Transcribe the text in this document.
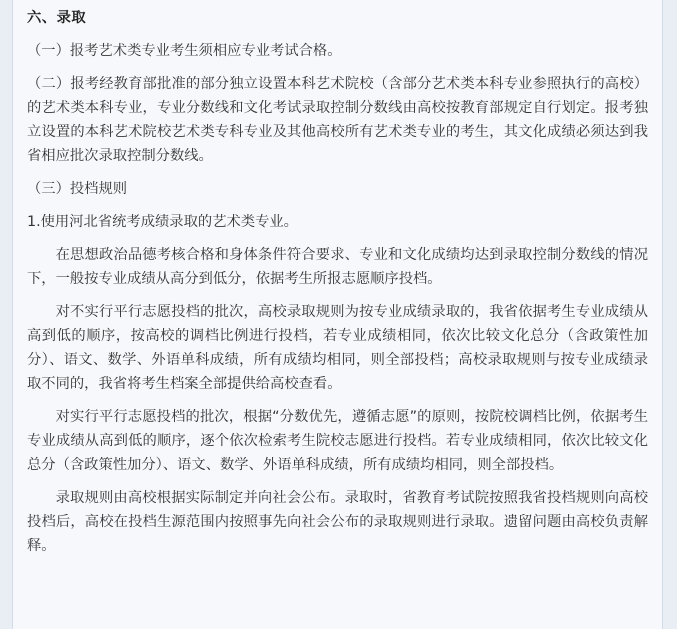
六、录取

（一）报考艺术类专业考生须相应专业考试合格。

（二）报考经教育部批准的部分独立设置本科艺术院校（含部分艺术类本科专业参照执行的高校）的艺术类本科专业，专业分数线和文化考试录取控制分数线由高校按教育部规定自行划定。报考独立设置的本科艺术院校艺术类专科专业及其他高校所有艺术类专业的考生，其文化成绩必须达到我省相应批次录取控制分数线。

（三）投档规则

1.使用河北省统考成绩录取的艺术类专业。

在思想政治品德考核合格和身体条件符合要求、专业和文化成绩均达到录取控制分数线的情况下，一般按专业成绩从高分到低分，依据考生所报志愿顺序投档。

对不实行平行志愿投档的批次，高校录取规则为按专业成绩录取的，我省依据考生专业成绩从高到低的顺序，按高校的调档比例进行投档，若专业成绩相同，依次比较文化总分（含政策性加分）、语文、数学、外语单科成绩，所有成绩均相同，则全部投档；高校录取规则与按专业成绩录取不同的，我省将考生档案全部提供给高校查看。

对实行平行志愿投档的批次，根据“分数优先，遵循志愿”的原则，按院校调档比例，依据考生专业成绩从高到低的顺序，逐个依次检索考生院校志愿进行投档。若专业成绩相同，依次比较文化总分（含政策性加分）、语文、数学、外语单科成绩，所有成绩均相同，则全部投档。

录取规则由高校根据实际制定并向社会公布。录取时，省教育考试院按照我省投档规则向高校投档后，高校在投档生源范围内按照事先向社会公布的录取规则进行录取。遗留问题由高校负责解释。
